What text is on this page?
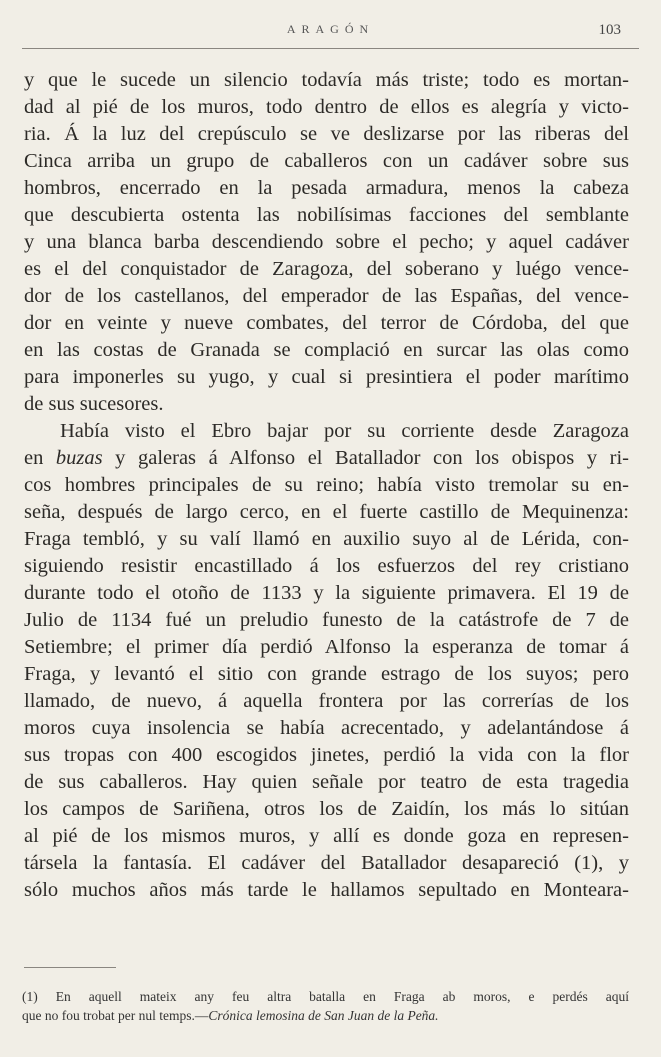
ARAGÓN	103

y que le sucede un silencio todavía más triste; todo es mortan-
dad al pié de los muros, todo dentro de ellos es alegría y victo-
ria. Á la luz del crepúsculo se ve deslizarse por las riberas del
Cinca arriba un grupo de caballeros con un cadáver sobre sus
hombros, encerrado en la pesada armadura, menos la cabeza
que descubierta ostenta las nobilísimas facciones del semblante
y una blanca barba descendiendo sobre el pecho; y aquel cadáver
es el del conquistador de Zaragoza, del soberano y luégo vence-
dor de los castellanos, del emperador de las Españas, del vence-
dor en veinte y nueve combates, del terror de Córdoba, del que
en las costas de Granada se complació en surcar las olas como
para imponerles su yugo, y cual si presintiera el poder marítimo
de sus sucesores.

Había visto el Ebro bajar por su corriente desde Zaragoza
en buzas y galeras á Alfonso el Batallador con los obispos y ri-
cos hombres principales de su reino; había visto tremolar su en-
seña, después de largo cerco, en el fuerte castillo de Mequinenza:
Fraga tembló, y su valí llamó en auxilio suyo al de Lérida, con-
siguiendo resistir encastillado á los esfuerzos del rey cristiano
durante todo el otoño de 1133 y la siguiente primavera. El 19 de
Julio de 1134 fué un preludio funesto de la catástrofe de 7 de
Setiembre; el primer día perdió Alfonso la esperanza de tomar á
Fraga, y levantó el sitio con grande estrago de los suyos; pero
llamado, de nuevo, á aquella frontera por las correrías de los
moros cuya insolencia se había acrecentado, y adelantándose á
sus tropas con 400 escogidos jinetes, perdió la vida con la flor
de sus caballeros. Hay quien señale por teatro de esta tragedia
los campos de Sariñena, otros los de Zaidín, los más lo sitúan
al pié de los mismos muros, y allí es donde goza en represen-
társela la fantasía. El cadáver del Batallador desapareció (1), y
sólo muchos años más tarde le hallamos sepultado en Monteara-

(1) En aquell mateix any feu altra batalla en Fraga ab moros, e perdés aquí
que no fou trobat per nul temps.—Crónica lemosina de San Juan de la Peña.
